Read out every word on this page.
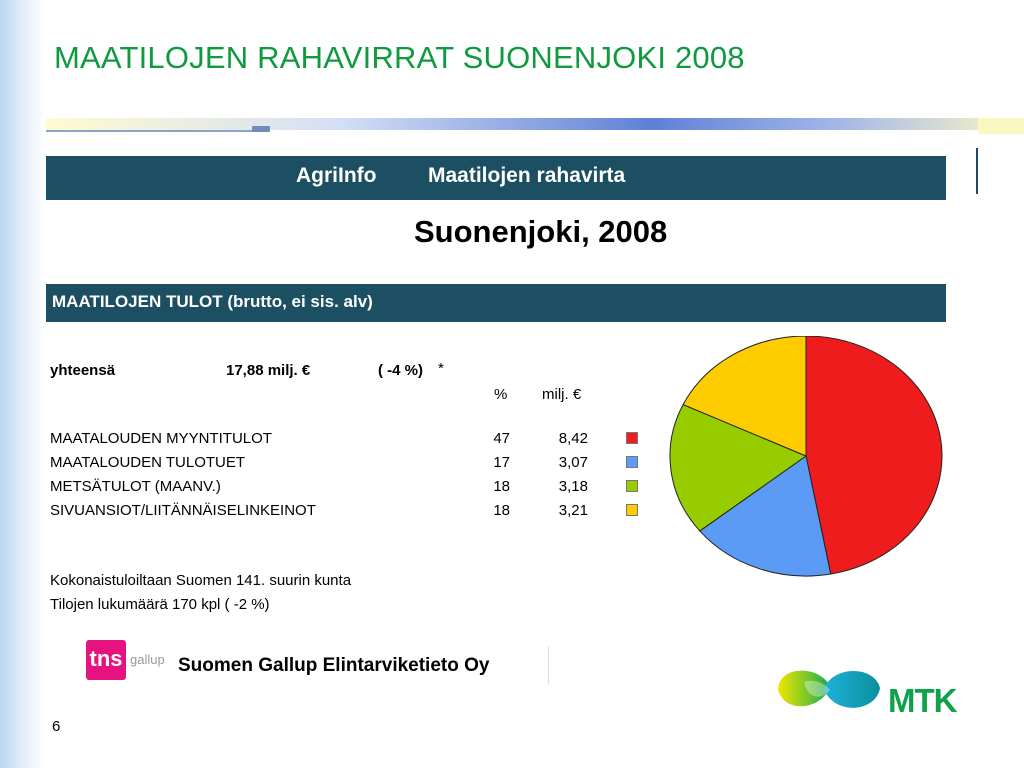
MAATILOJEN RAHAVIRRAT SUONENJOKI 2008
AgriInfo Maatilojen rahavirta
Suonenjoki, 2008
MAATILOJEN TULOT (brutto, ei sis. alv)
yhteensä	17,88 milj. €	( -4 %) *
% milj. €
MAATALOUDEN MYYNTITULOT	47	8,42
MAATALOUDEN TULOTUET	17	3,07
METSÄTULOT (MAANV.)	18	3,18
SIVUANSIOT/LIITÄNNÄISELINKEINOT	18	3,21
Kokonaistuloiltaan Suomen 141. suurin kunta
Tilojen lukumäärä 170 kpl ( -2 %)
tns gallup Suomen Gallup Elintarviketieto Oy
MTK
6
